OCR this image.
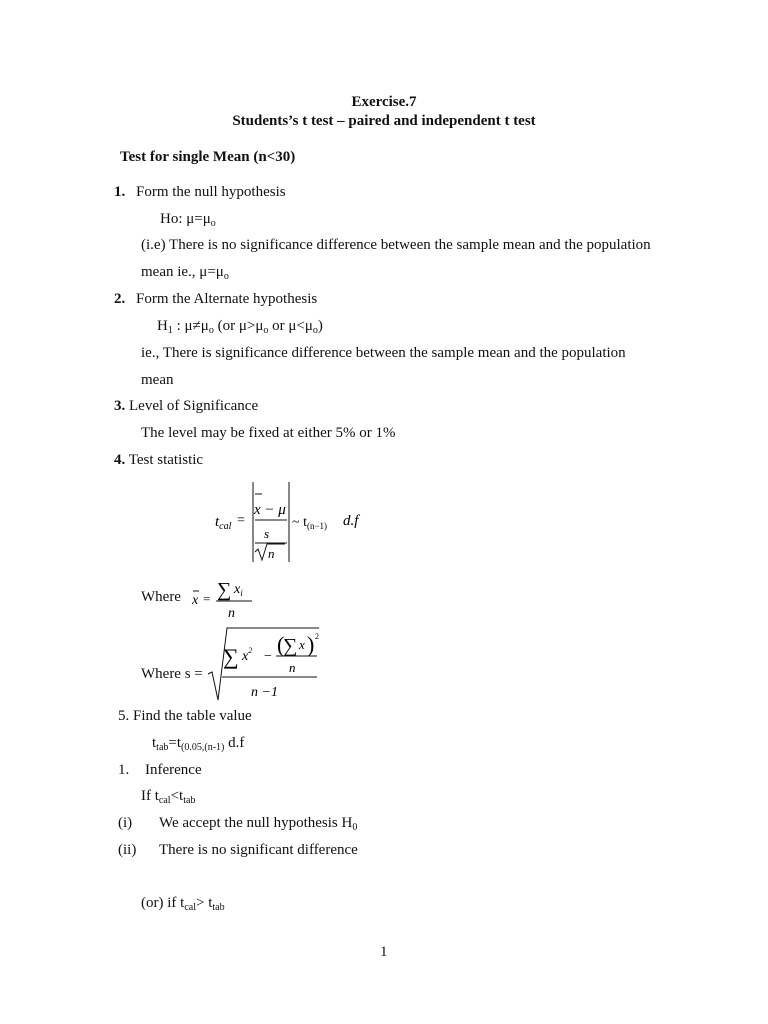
Exercise.7
Students’s t test – paired and independent t test
Test for single Mean (n<30)
1. Form the null hypothesis
Ho: $\mu=\mu_o$
(i.e) There is no significance difference between the sample mean and the population
mean ie., $\mu=\mu_o$
2. Form the Alternate hypothesis
$H_1$ : $\mu\ne\mu_o$ (or $\mu>\mu_o$ or $\mu<\mu_o$)
ie., There is significance difference between the sample mean and the population
mean
3. Level of Significance
The level may be fixed at either 5% or 1%
4. Test statistic
$t_{cal}$ =
x − μ
s
n
~ $t_{(n-1)}$ d.f
Where x = ∑ $x_i$
n
Where s =
∑ $x^2$ − (
∑ x ) 2
n
n −1
5. Find the table value
$t_{tab}=t_{(0.05,(n-1)}$ d.f
1. Inference
If $t_{cal}<t_{tab}$
(i) We accept the null hypothesis $H_0$
(ii) There is no significant difference
(or) if $t_{cal}> t_{tab}$
1
